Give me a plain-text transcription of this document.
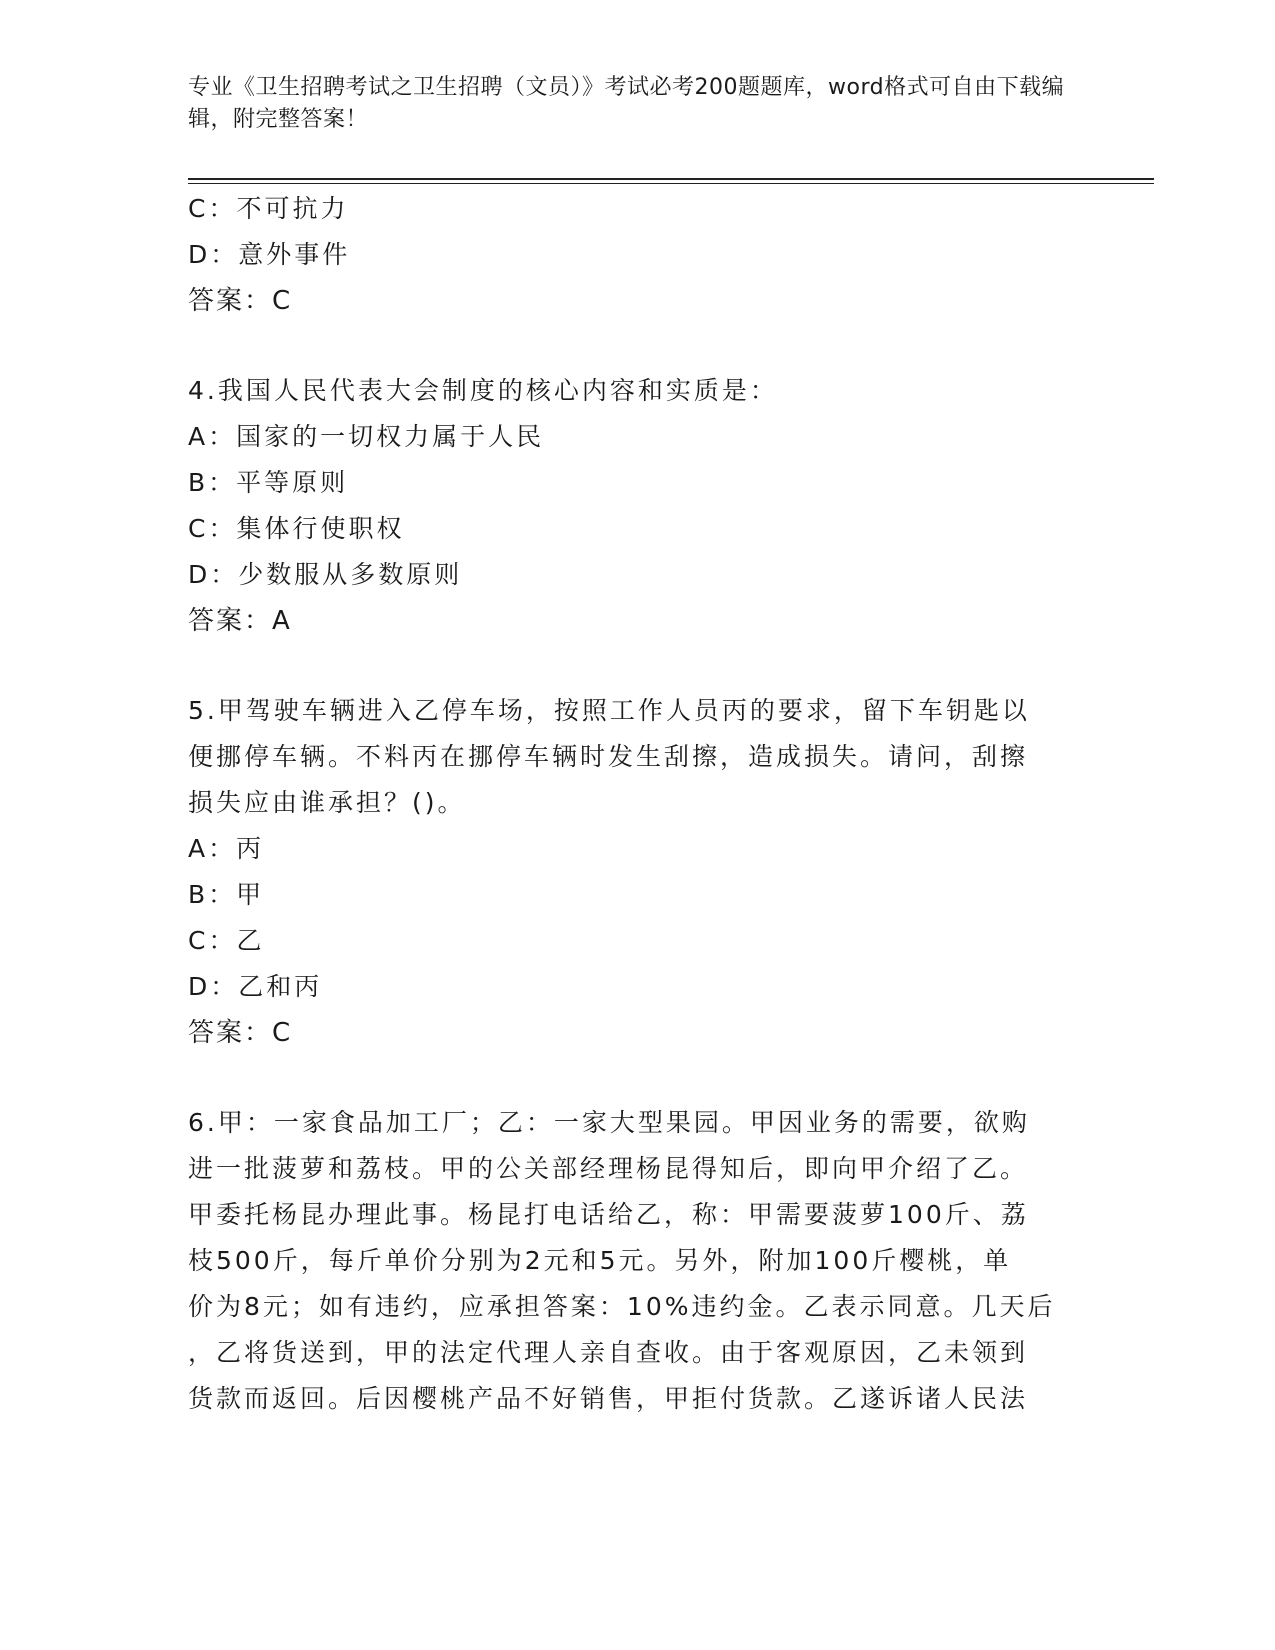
专业《卫生招聘考试之卫生招聘（文员）》考试必考200题题库，word格式可自由下载编辑，附完整答案！
C：不可抗力
D：意外事件
答案：C
4.我国人民代表大会制度的核心内容和实质是：
A：国家的一切权力属于人民
B：平等原则
C：集体行使职权
D：少数服从多数原则
答案：A
5.甲驾驶车辆进入乙停车场，按照工作人员丙的要求，留下车钥匙以
便挪停车辆。不料丙在挪停车辆时发生刮擦，造成损失。请问，刮擦
损失应由谁承担？()。
A：丙
B：甲
C：乙
D：乙和丙
答案：C
6.甲：一家食品加工厂；乙：一家大型果园。甲因业务的需要，欲购
进一批菠萝和荔枝。甲的公关部经理杨昆得知后，即向甲介绍了乙。
甲委托杨昆办理此事。杨昆打电话给乙，称：甲需要菠萝100斤、荔
枝500斤，每斤单价分别为2元和5元。另外，附加100斤樱桃，单
价为8元；如有违约，应承担答案：10%违约金。乙表示同意。几天后
，乙将货送到，甲的法定代理人亲自查收。由于客观原因，乙未领到
货款而返回。后因樱桃产品不好销售，甲拒付货款。乙遂诉诸人民法
